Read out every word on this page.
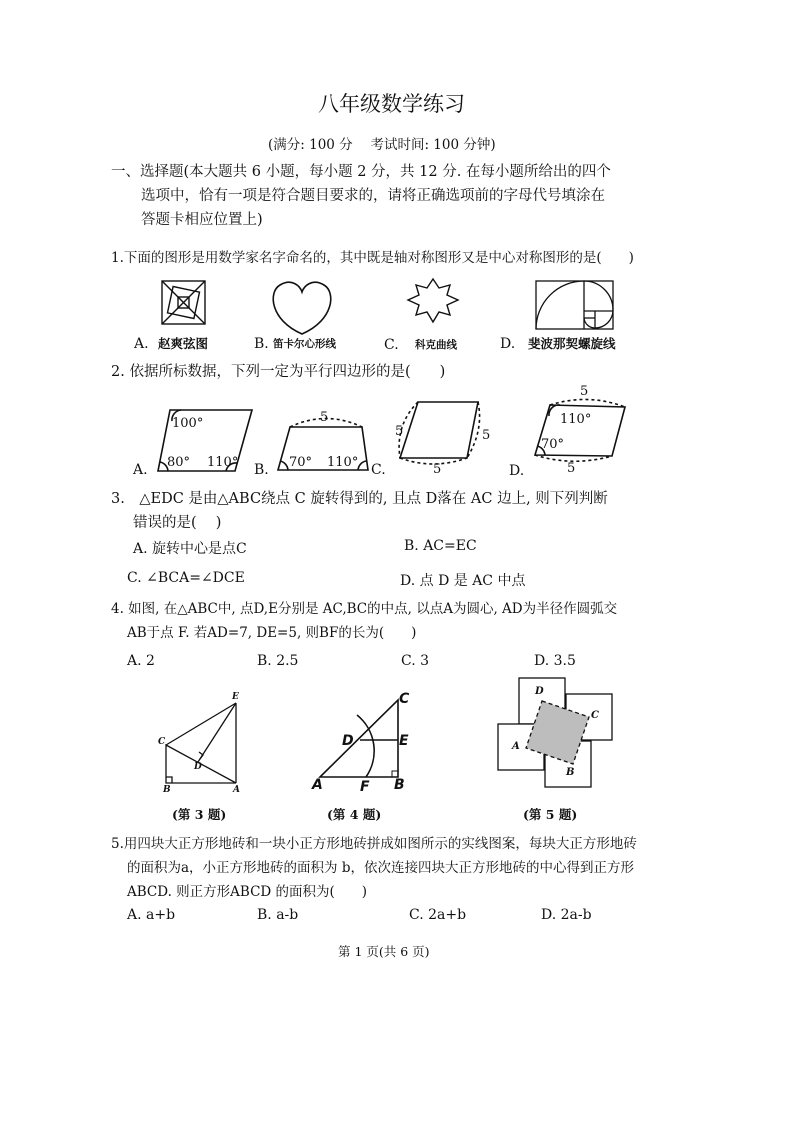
八年级数学练习
(满分: 100 分　 考试时间: 100 分钟)
一、选择题(本大题共 6 小题，每小题 2 分，共 12 分. 在每小题所给出的四个
选项中，恰有一项是符合题目要求的，请将正确选项前的字母代号填涂在
答题卡相应位置上)
1.下面的图形是用数学家名字命名的，其中既是轴对称图形又是中心对称图形的是(　　)
A. 赵爽弦图	B. 笛卡尔心形线	C. 科克曲线	D. 斐波那契螺旋线
2. 依据所标数据，下列一定为平行四边形的是(　　)
A.
100°
80° 110° B.
5
70° 110° C.
5	5
5	D.
5
110°
70°
5
3.　△EDC 是由△ABC绕点 C 旋转得到的, 且点 D落在 AC 边上, 则下列判断
错误的是(　 )
A. 旋转中心是点C	B. AC=EC
C. ∠BCA=∠DCE	D. 点 D 是 AC 中点
4. 如图, 在△ABC中, 点D,E分别是 AC,BC的中点, 以点A为圆心, AD为半径作圆弧交
AB于点 F. 若AD=7, DE=5, 则BF的长为(　　)
A. 2	B. 2.5	C. 3	D. 3.5
E
C
D
B	A
(第 3 题)
C
D	E
A	F B
(第 4 题)
D
C
A
B
(第 5 题)
5.用四块大正方形地砖和一块小正方形地砖拼成如图所示的实线图案，每块大正方形地砖
的面积为a，小正方形地砖的面积为 b，依次连接四块大正方形地砖的中心得到正方形
ABCD. 则正方形ABCD 的面积为(　　)
A. a+b	B. a-b	C. 2a+b	D. 2a-b
第 1 页(共 6 页)
